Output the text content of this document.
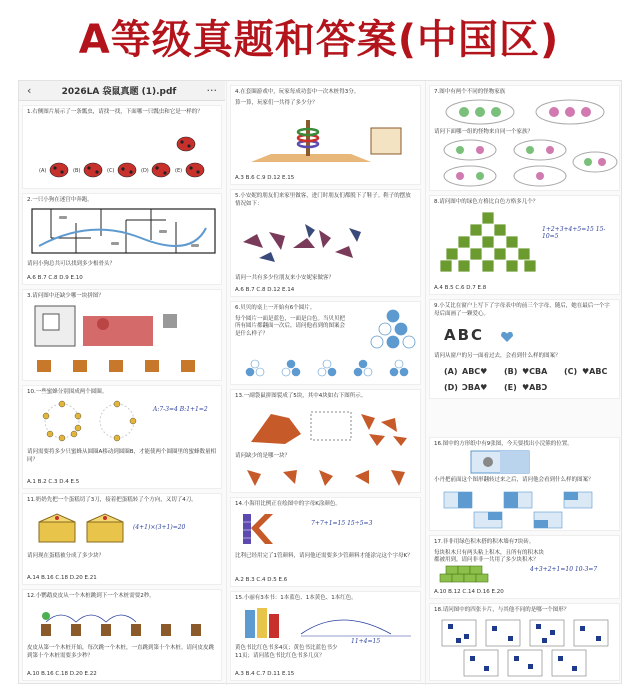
A等级真题和答案(中国区)
‹	2026LA 袋鼠真题 (1).pdf	···
1.右侧图片展示了一条瓢虫，请找一找，下面哪一只瓢虫和它是一样的？
(A)	(B)	(C)	(D)	(E)
2.一只小狗在迷宫中奔跑。
请问小狗总共可以找到多少根骨头？
A.6 B.7 C.8 D.9 E.10
3.请问图中还缺少哪一块拼图？
10.一些蜜蜂分别围成两个圆圈。
A:7-3=4 B:1+1=2
请问需要将多少只蜜蜂从圆圈A移动到圆圈B，才能使两个圆圈里的蜜蜂数量相同？
A.1 B.2 C.3 D.4 E.5
11.奶奶先把一个蛋糕切了3刀，接着把蛋糕转了个方向，又切了4刀。
(4+1)×(3+1)=20
请问现在蛋糕被分成了多少块？
A.14 B.16 C.18 D.20 E.21
12.小鹦鹉皮皮从一个木桩跳到下一个木桩需要2秒。
皮皮从第一个木桩开始，每次跳一个木桩，一直跳到第十个木桩。请问皮皮跳到第十个木桩需要多少秒？
A.10 B.16 C.18 D.20 E.22
4.在套圈游戏中，玩家每成功套中一次木桩得3分。
算一算，玩家们一共得了多少分？
A.3 B.6 C.9 D.12 E.15
5.小安妮的朋友们来家里做客，进门时朋友们都脱下了鞋子。鞋子的摆放情况如下：
请问一共有多少位朋友来小安妮家做客？
A.6 B.7 C.8 D.12 E.14
6.贝贝的桌上一开始有6个圆片。
每个圆片一面是蓝色，一面是白色。当贝贝把所有圆片都翻面一次后，请问他看到的图案会是什么样子？
13.一副袋鼠拼图裂成了5块，其中4块如右下图所示。
请问缺少的是哪一块？
14.小海用比例正在绘图中的字母K涂颜色。
7+7+1=15 15÷5=3
比利已经用完了1管颜料，请问他还需要多少管颜料才能涂完这个字母K？
A.2 B.3 C.4 D.5 E.6
15.小丽有3本书：1本蓝色、1本黄色、1本红色。
11+4=15
黄色书比红色书多4页；黄色书比蓝色书少11页；请问蓝色书比红色书多几页？
A.3 B.4 C.7 D.11 E.15
7.图中有两个不同的怪物家族
请问下面哪一组的怪物来自同一个家族？
8.请问图中的绿色方格比白色方格多几个？
1+2+3+4+5=15 15-10=5
A.4 B.5 C.6 D.7 E.8
9.小艾比在窗户上写下了字母表中的前三个字母，随后，她在最后一个字母后面画了一颗爱心。
ABC
请问从窗户的另一面看过去，会看到什么样的图案？
(A) ABC♥ (B) ♥CBA (C) ♥ABC
(D) ƆBA♥ (E) ♥ABƆ
16.图中的方形纸中有9张图，今天要找出小浣熊的位置。
小丹把前面这个图形翻转过来之后，请问他会看到什么样的图案？
17.非非用绿色积木搭的积木墙有7块砖。
每块积木只有两头粘上积木，且所有的积木块都被用到，请问非非一共用了多少块积木？
4+3+2+1=10 10-3=7
A.10 B.12 C.14 D.16 E.20
18.请问图中的四张卡片，与其他不同的是哪一个图形？
